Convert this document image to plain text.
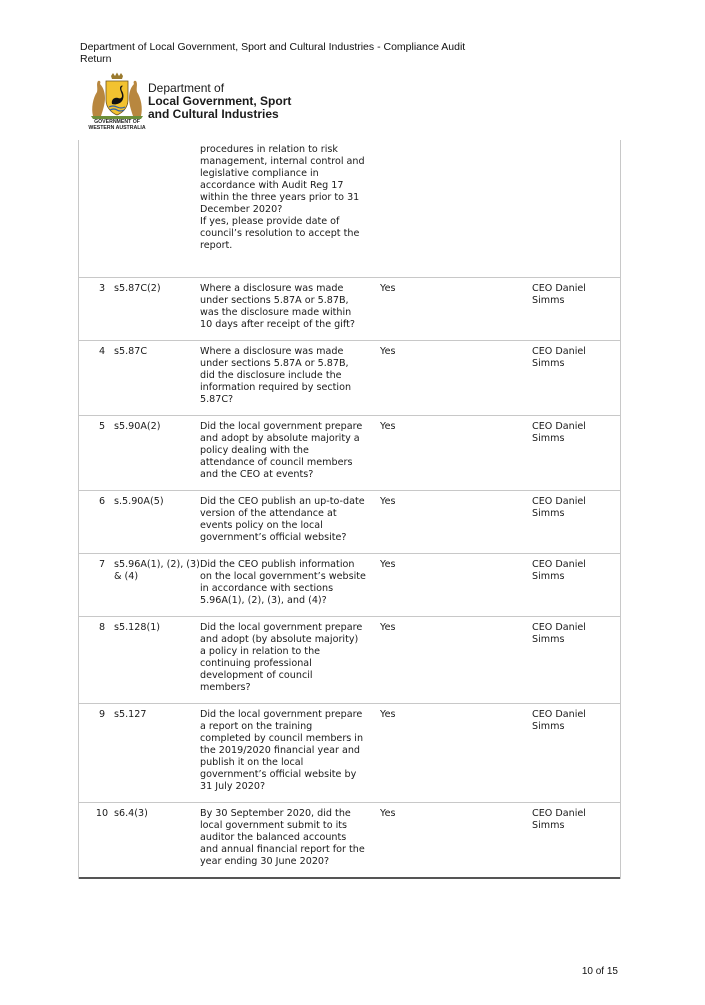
Department of Local Government, Sport and Cultural Industries - Compliance Audit Return
GOVERNMENT OF
WESTERN AUSTRALIA
Department of
Local Government, Sport
and Cultural Industries

		procedures in relation to risk management, internal control and legislative compliance in accordance with Audit Reg 17 within the three years prior to 31 December 2020?
If yes, please provide date of council’s resolution to accept the report.		

3	s5.87C(2)	Where a disclosure was made under sections 5.87A or 5.87B, was the disclosure made within 10 days after receipt of the gift?	Yes	CEO Daniel Simms

4	s5.87C	Where a disclosure was made under sections 5.87A or 5.87B, did the disclosure include the information required by section 5.87C?	Yes	CEO Daniel Simms

5	s5.90A(2)	Did the local government prepare and adopt by absolute majority a policy dealing with the attendance of council members and the CEO at events?	Yes	CEO Daniel Simms

6	s.5.90A(5)	Did the CEO publish an up-to-date version of the attendance at events policy on the local government’s official website?	Yes	CEO Daniel Simms

7	s5.96A(1), (2), (3) & (4)	Did the CEO publish information on the local government’s website in accordance with sections 5.96A(1), (2), (3), and (4)?	Yes	CEO Daniel Simms

8	s5.128(1)	Did the local government prepare and adopt (by absolute majority) a policy in relation to the continuing professional development of council members?	Yes	CEO Daniel Simms

9	s5.127	Did the local government prepare a report on the training completed by council members in the 2019/2020 financial year and publish it on the local government’s official website by 31 July 2020?	Yes	CEO Daniel Simms

10	s6.4(3)	By 30 September 2020, did the local government submit to its auditor the balanced accounts and annual financial report for the year ending 30 June 2020?	Yes	CEO Daniel Simms
10 of 15
